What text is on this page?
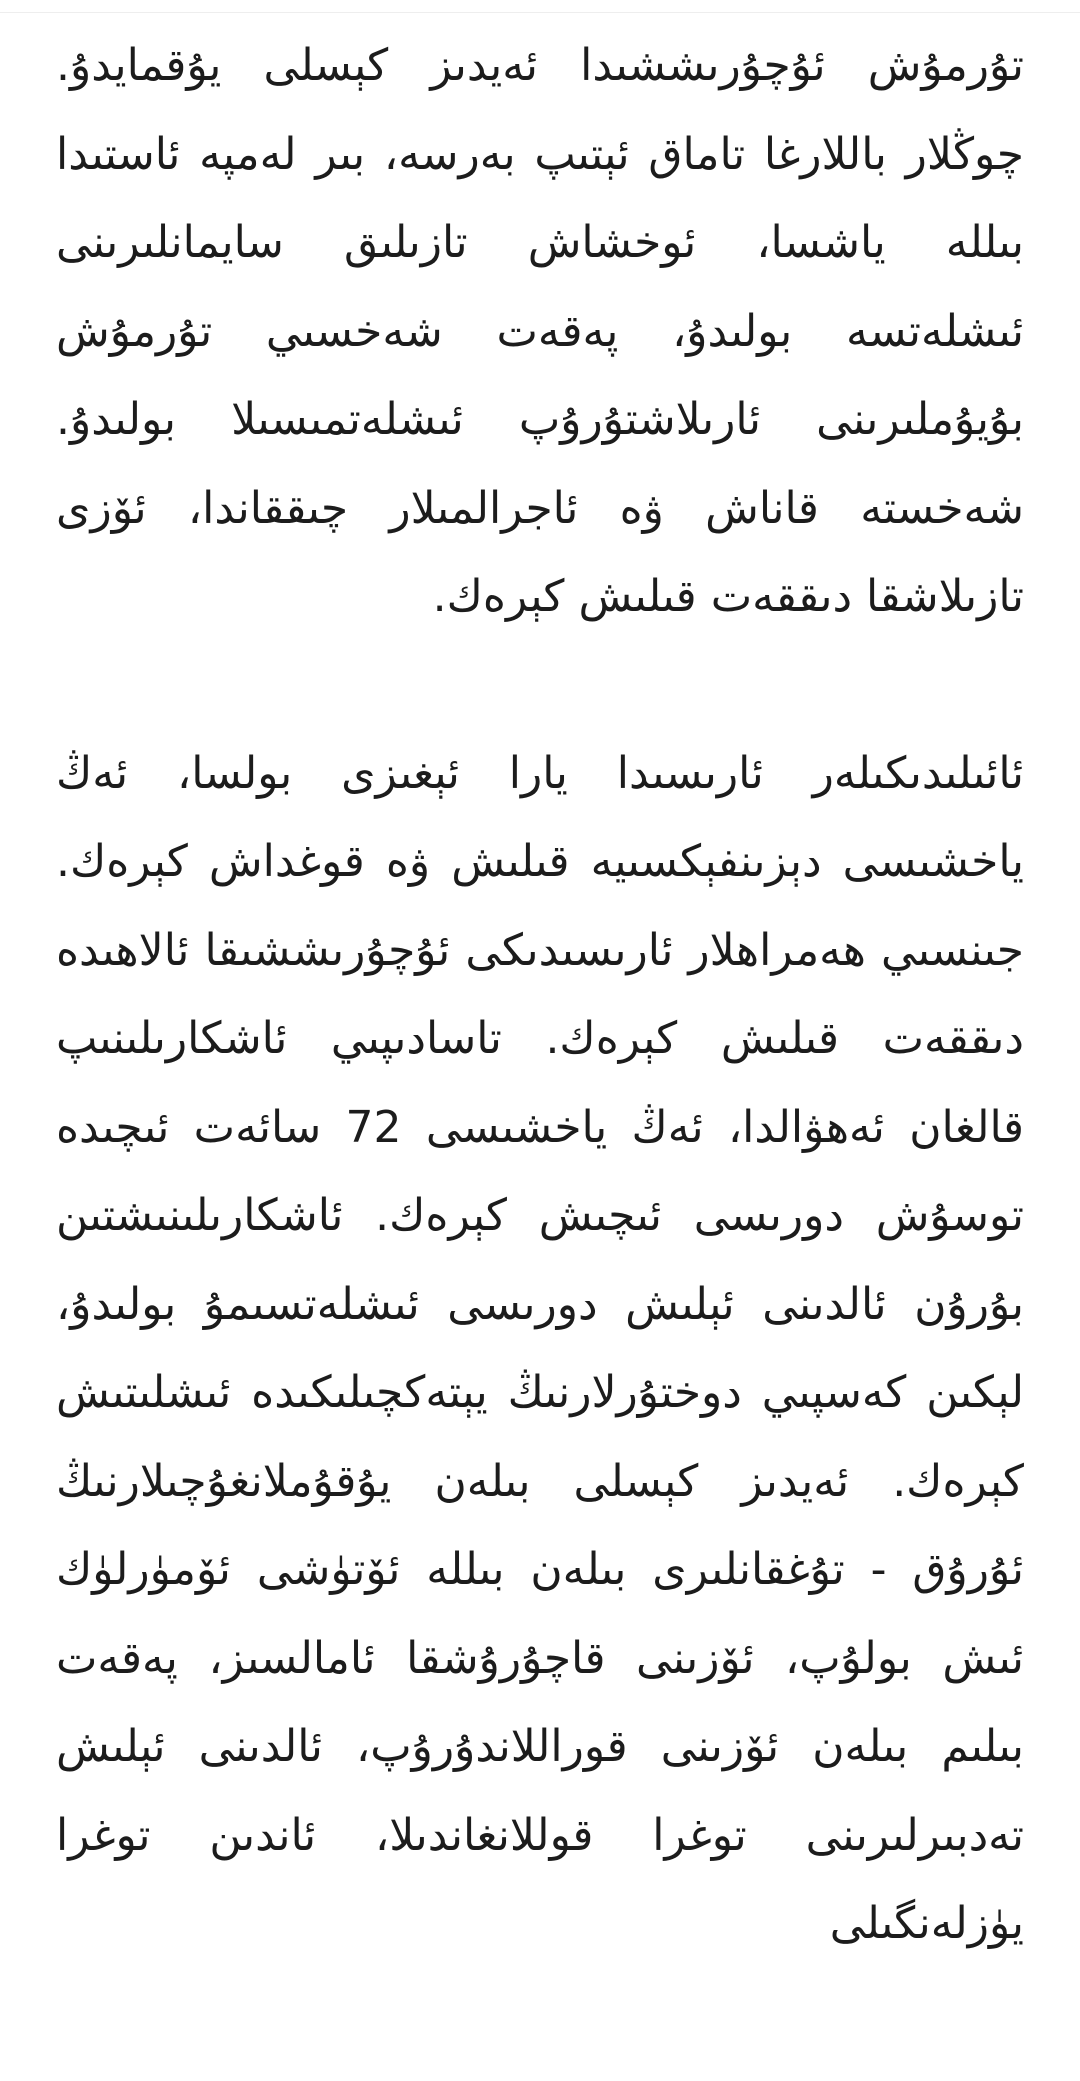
تۇرمۇش ئۇچۇرىششىدا ئەيدىز كېسلى يۇقمايدۇ. چوڭلار باللارغا تاماق ئېتىپ بەرسە، بىر لەمپە ئاستىدا بىللە ياشسا، ئوخشاش تازىلىق سايمانلىرىنى ئىشلەتسە بولىدۇ، پەقەت شەخسىي تۇرمۇش بۇيۇملىرىنى ئارىلاشتۇرۇپ ئىشلەتمىسىلا بولىدۇ. شەخستە قاناش ۋە ئاجرالمىلار چىققاندا، ئۆزى تازىلاشقا دىققەت قىلىش كېرەك.

ئائىلىدىكىلەر ئارىسىدا يارا ئېغىزى بولسا، ئەڭ ياخشىسى دېزىنفېكسىيە قىلىش ۋە قوغداش كېرەك. جىنسىي ھەمراھلار ئارىسىدىكى ئۇچۇرىششىقا ئالاھىدە دىققەت قىلىش كېرەك. تاسادىپىي ئاشكارىلىنىپ قالغان ئەھۋالدا، ئەڭ ياخشىسى 72 سائەت ئىچىدە توسۇش دورىسى ئىچىش كېرەك. ئاشكارىلىنىشتىن بۇرۇن ئالدىنى ئېلىش دورىسى ئىشلەتسىمۇ بولىدۇ، لېكىن كەسپىي دوختۇرلارنىڭ يېتەكچىلىكىدە ئىشلىتىش كېرەك. ئەيدىز كېسلى بىلەن يۇقۇملانغۇچىلارنىڭ ئۇرۇق - تۇغقانلىرى بىلەن بىللە ئۆتۈشى ئۆمۈرلۈك ئىش بولۇپ، ئۆزىنى قاچۇرۇشقا ئامالسىز، پەقەت بىلىم بىلەن ئۆزىنى قوراللاندۇرۇپ، ئالدىنى ئېلىش تەدبىرلىرىنى توغرا قوللانغاندىلا، ئاندىن توغرا يۈزلەنگىلى
